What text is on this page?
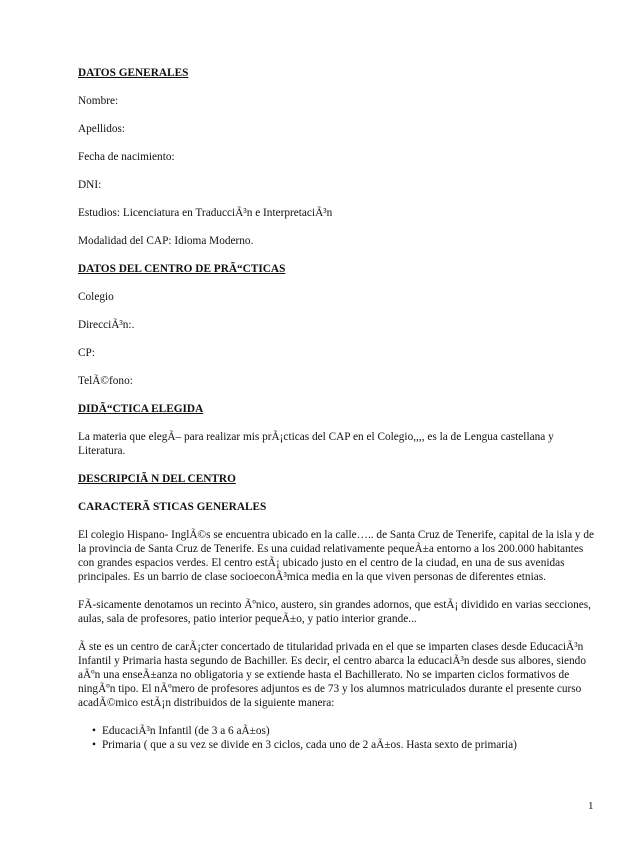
DATOS GENERALES

Nombre:

Apellidos:

Fecha de nacimiento:

DNI:

Estudios: Licenciatura en TraducciÃ³n e InterpretaciÃ³n

Modalidad del CAP: Idioma Moderno.

DATOS DEL CENTRO DE PRÃ“CTICAS

Colegio

DirecciÃ³n:.

CP:

TelÃ©fono:

DIDÃ“CTICA ELEGIDA

La materia que elegÃ– para realizar mis prÃ¡cticas del CAP en el Colegio,,,, es la de Lengua castellana y Literatura.

DESCRIPCIÃ N DEL CENTRO

CARACTERÃ STICAS GENERALES

El colegio Hispano- InglÃ©s se encuentra ubicado en la calle….. de Santa Cruz de Tenerife, capital de la isla y de la provincia de Santa Cruz de Tenerife. Es una cuidad relativamente pequeÃ±a entorno a los 200.000 habitantes con grandes espacios verdes. El centro estÃ¡ ubicado justo en el centro de la ciudad, en una de sus avenidas principales. Es un barrio de clase socioeconÃ³mica media en la que viven personas de diferentes etnias.

FÃ-sicamente denotamos un recinto Ãºnico, austero, sin grandes adornos, que estÃ¡ dividido en varias secciones, aulas, sala de profesores, patio interior pequeÃ±o, y patio interior grande...

Ã ste es un centro de carÃ¡cter concertado de titularidad privada en el que se imparten clases desde EducaciÃ³n Infantil y Primaria hasta segundo de Bachiller. Es decir, el centro abarca la educaciÃ³n desde sus albores, siendo aÃºn una enseÃ±anza no obligatoria y se extiende hasta el Bachillerato. No se imparten ciclos formativos de ningÃºn tipo. El nÃºmero de profesores adjuntos es de 73 y los alumnos matriculados durante el presente curso acadÃ©mico estÃ¡n distribuidos de la siguiente manera:

• EducaciÃ³n Infantil (de 3 a 6 aÃ±os)
• Primaria ( que a su vez se divide en 3 ciclos, cada uno de 2 aÃ±os. Hasta sexto de primaria)
1
